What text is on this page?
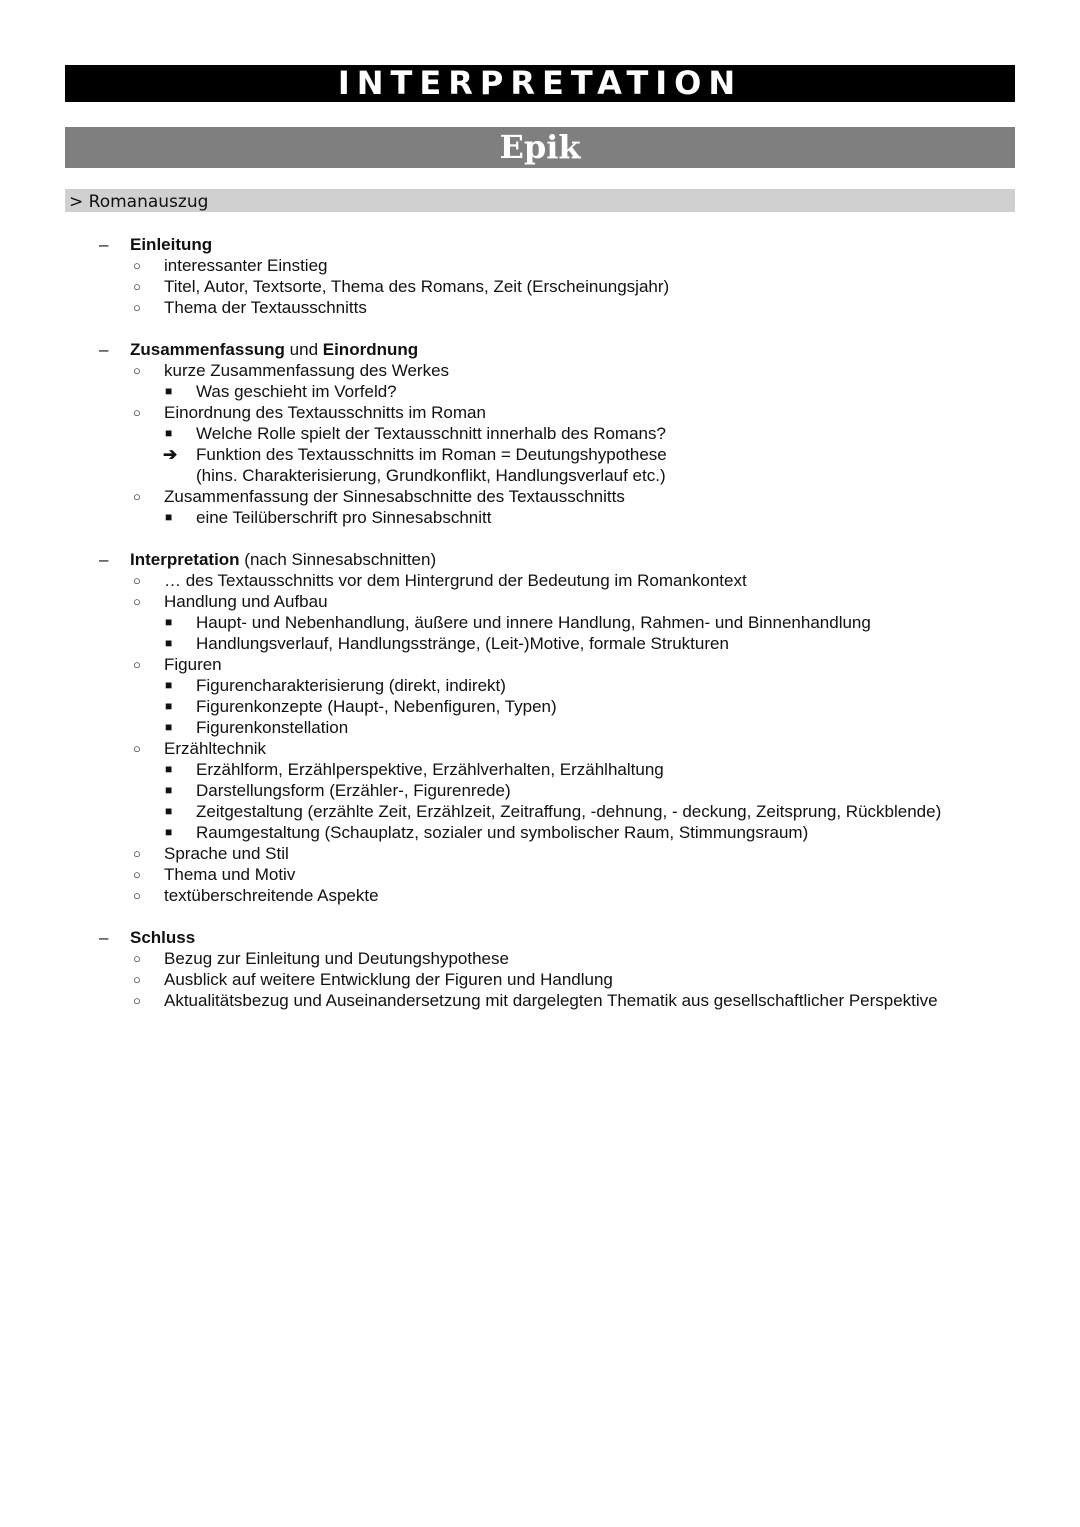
INTERPRETATION
Epik
> Romanauszug
– Einleitung
○ interessanter Einstieg
○ Titel, Autor, Textsorte, Thema des Romans, Zeit (Erscheinungsjahr)
○ Thema der Textausschnitts
– Zusammenfassung und Einordnung
○ kurze Zusammenfassung des Werkes
■ Was geschieht im Vorfeld?
○ Einordnung des Textausschnitts im Roman
■ Welche Rolle spielt der Textausschnitt innerhalb des Romans?
➔ Funktion des Textausschnitts im Roman = Deutungshypothese
(hins. Charakterisierung, Grundkonflikt, Handlungsverlauf etc.)
○ Zusammenfassung der Sinnesabschnitte des Textausschnitts
■ eine Teilüberschrift pro Sinnesabschnitt
– Interpretation (nach Sinnesabschnitten)
○ … des Textausschnitts vor dem Hintergrund der Bedeutung im Romankontext
○ Handlung und Aufbau
■ Haupt- und Nebenhandlung, äußere und innere Handlung, Rahmen- und Binnenhandlung
■ Handlungsverlauf, Handlungsstränge, (Leit-)Motive, formale Strukturen
○ Figuren
■ Figurencharakterisierung (direkt, indirekt)
■ Figurenkonzepte (Haupt-, Nebenfiguren, Typen)
■ Figurenkonstellation
○ Erzähltechnik
■ Erzählform, Erzählperspektive, Erzählverhalten, Erzählhaltung
■ Darstellungsform (Erzähler-, Figurenrede)
■ Zeitgestaltung (erzählte Zeit, Erzählzeit, Zeitraffung, -dehnung, - deckung, Zeitsprung, Rückblende)
■ Raumgestaltung (Schauplatz, sozialer und symbolischer Raum, Stimmungsraum)
○ Sprache und Stil
○ Thema und Motiv
○ textüberschreitende Aspekte
– Schluss
○ Bezug zur Einleitung und Deutungshypothese
○ Ausblick auf weitere Entwicklung der Figuren und Handlung
○ Aktualitätsbezug und Auseinandersetzung mit dargelegten Thematik aus gesellschaftlicher Perspektive
